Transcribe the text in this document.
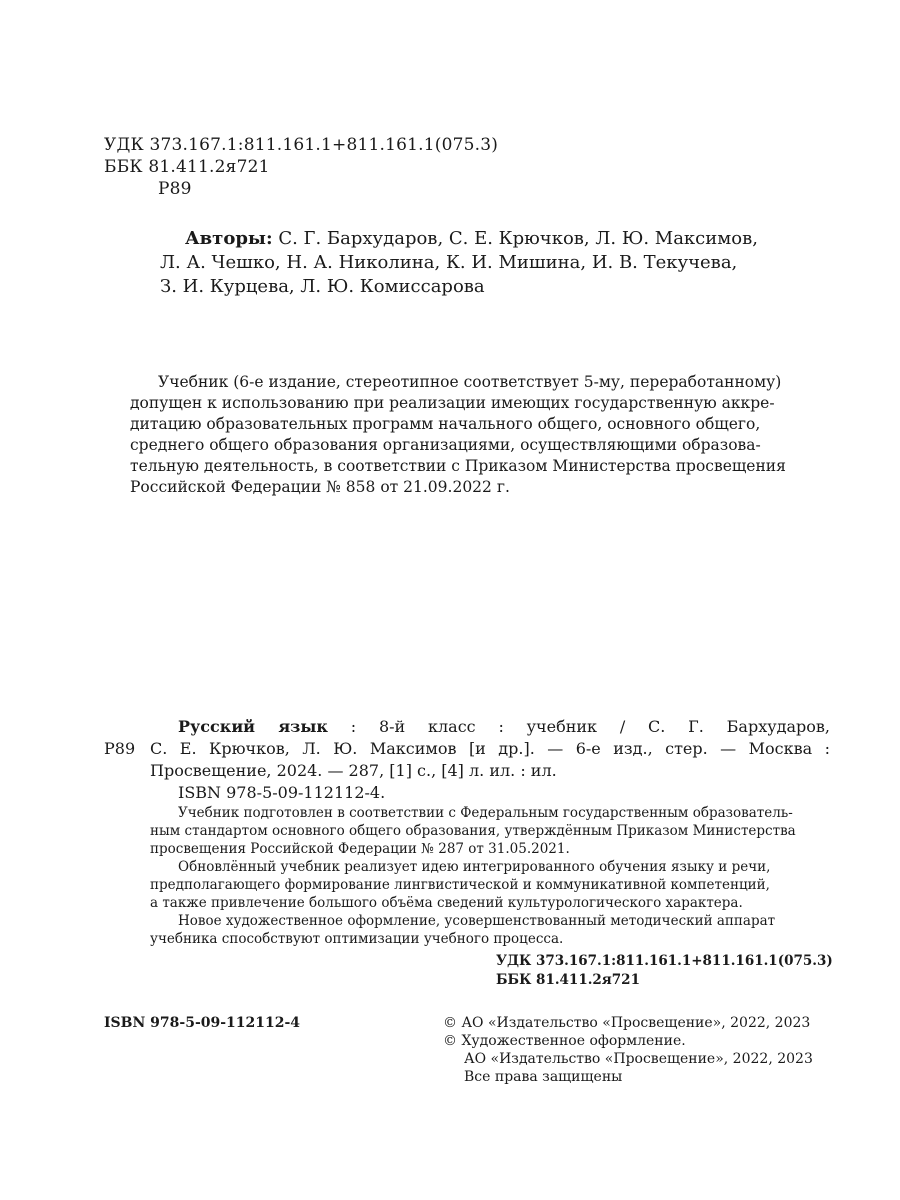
УДК 373.167.1:811.161.1+811.161.1(075.3)
ББК 81.411.2я721
Р89
Авторы: С. Г. Бархударов, С. Е. Крючков, Л. Ю. Максимов,
Л. А. Чешко, Н. А. Николина, К. И. Мишина, И. В. Текучева,
З. И. Курцева, Л. Ю. Комиссарова
Учебник (6-е издание, стереотипное соответствует 5-му, переработанному)
допущен к использованию при реализации имеющих государственную аккре-
дитацию образовательных программ начального общего, основного общего,
среднего общего образования организациями, осуществляющими образова-
тельную деятельность, в соответствии с Приказом Министерства просвещения
Российской Федерации № 858 от 21.09.2022 г.
Русский язык : 8-й класс : учебник / С. Г. Бархударов,
Р89 С. Е. Крючков, Л. Ю. Максимов [и др.]. — 6-е изд., стер. — Москва :
Просвещение, 2024. — 287, [1] с., [4] л. ил. : ил.
ISBN 978-5-09-112112-4.
Учебник подготовлен в соответствии с Федеральным государственным образователь-
ным стандартом основного общего образования, утверждённым Приказом Министерства
просвещения Российской Федерации № 287 от 31.05.2021.
Обновлённый учебник реализует идею интегрированного обучения языку и речи,
предполагающего формирование лингвистической и коммуникативной компетенций,
а также привлечение большого объёма сведений культурологического характера.
Новое художественное оформление, усовершенствованный методический аппарат
учебника способствуют оптимизации учебного процесса.
УДК 373.167.1:811.161.1+811.161.1(075.3)
ББК 81.411.2я721
ISBN 978-5-09-112112-4	© АО «Издательство «Просвещение», 2022, 2023
© Художественное оформление.
АО «Издательство «Просвещение», 2022, 2023
Все права защищены
